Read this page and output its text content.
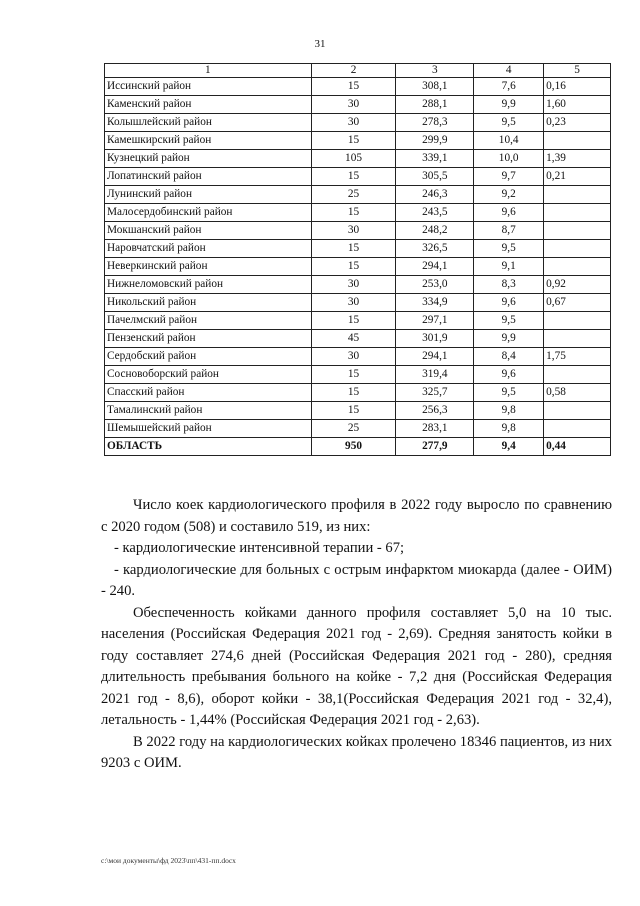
31
1	2	3	4	5
Иссинский район	15	308,1	7,6	0,16
Каменский район	30	288,1	9,9	1,60
Колышлейский район	30	278,3	9,5	0,23
Камешкирский район	15	299,9	10,4	
Кузнецкий район	105	339,1	10,0	1,39
Лопатинский район	15	305,5	9,7	0,21
Лунинский район	25	246,3	9,2	
Малосердобинский район	15	243,5	9,6	
Мокшанский район	30	248,2	8,7	
Наровчатский район	15	326,5	9,5	
Неверкинский район	15	294,1	9,1	
Нижнеломовский район	30	253,0	8,3	0,92
Никольский район	30	334,9	9,6	0,67
Пачелмский район	15	297,1	9,5	
Пензенский район	45	301,9	9,9	
Сердобский район	30	294,1	8,4	1,75
Сосновоборский район	15	319,4	9,6	
Спасский район	15	325,7	9,5	0,58
Тамалинский район	15	256,3	9,8	
Шемышейский район	25	283,1	9,8	
ОБЛАСТЬ	950	277,9	9,4	0,44

Число коек кардиологического профиля в 2022 году выросло по сравнению с 2020 годом (508) и составило 519, из них:

- кардиологические интенсивной терапии - 67;

- кардиологические для больных с острым инфарктом миокарда (далее - ОИМ) - 240.

Обеспеченность койками данного профиля составляет 5,0 на 10 тыс. населения (Российская Федерация 2021 год - 2,69). Средняя занятость койки в году составляет 274,6 дней (Российская Федерация 2021 год - 280), средняя длительность пребывания больного на койке - 7,2 дня (Российская Федерация 2021 год - 8,6), оборот койки - 38,1(Российская Федерация 2021 год - 32,4), летальность - 1,44% (Российская Федерация 2021 год - 2,63).

В 2022 году на кардиологических койках пролечено 18346 пациентов, из них 9203 с ОИМ.

c:\мои документы\фд 2023\пп\431-пп.docx
